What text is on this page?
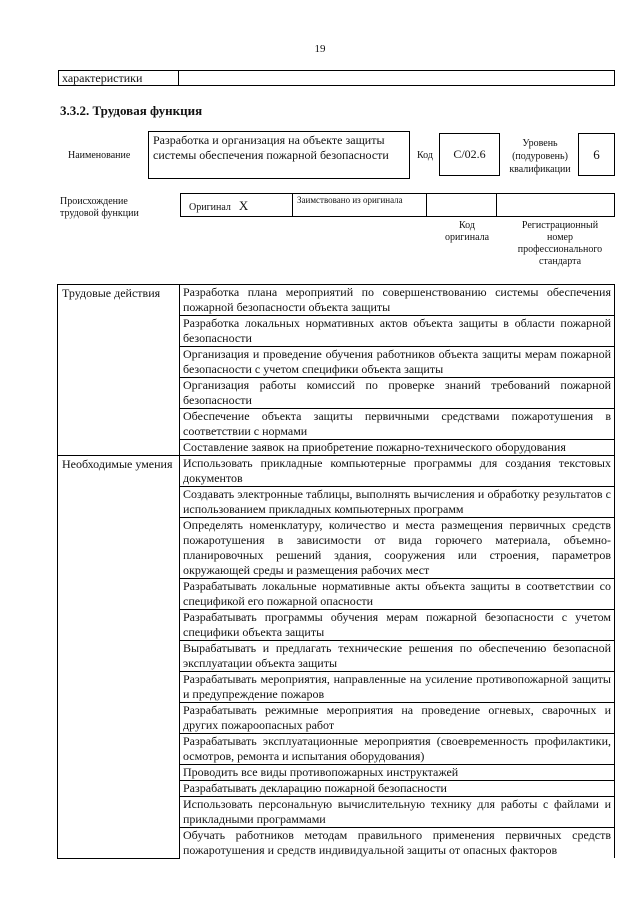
19
характеристики
3.3.2. Трудовая функция
Наименование
Разработка и организация на объекте защиты системы обеспечения пожарной безопасности	Код	C/02.6
Уровень (подуровень) квалификации
6
Происхождение трудовой функции
Оригинал X	Заимствовано из оригинала
Код оригинала
Регистрационный номер профессионального стандарта
Трудовые действия	Разработка плана мероприятий по совершенствованию системы обеспечения пожарной безопасности объекта защиты
	Разработка локальных нормативных актов объекта защиты в области пожарной безопасности
	Организация и проведение обучения работников объекта защиты мерам пожарной безопасности с учетом специфики объекта защиты
	Организация работы комиссий по проверке знаний требований пожарной безопасности
	Обеспечение объекта защиты первичными средствами пожаротушения в соответствии с нормами
	Составление заявок на приобретение пожарно-технического оборудования
Необходимые умения	Использовать прикладные компьютерные программы для создания текстовых документов
	Создавать электронные таблицы, выполнять вычисления и обработку результатов с использованием прикладных компьютерных программ
	Определять номенклатуру, количество и места размещения первичных средств пожаротушения в зависимости от вида горючего материала, объемно-планировочных решений здания, сооружения или строения, параметров окружающей среды и размещения рабочих мест
	Разрабатывать локальные нормативные акты объекта защиты в соответствии со спецификой его пожарной опасности
	Разрабатывать программы обучения мерам пожарной безопасности с учетом специфики объекта защиты
	Вырабатывать и предлагать технические решения по обеспечению безопасной эксплуатации объекта защиты
	Разрабатывать мероприятия, направленные на усиление противопожарной защиты и предупреждение пожаров
	Разрабатывать режимные мероприятия на проведение огневых, сварочных и других пожароопасных работ
	Разрабатывать эксплуатационные мероприятия (своевременность профилактики, осмотров, ремонта и испытания оборудования)
	Проводить все виды противопожарных инструктажей
	Разрабатывать декларацию пожарной безопасности
	Использовать персональную вычислительную технику для работы с файлами и прикладными программами
	Обучать работников методам правильного применения первичных средств пожаротушения и средств индивидуальной защиты от опасных факторов
